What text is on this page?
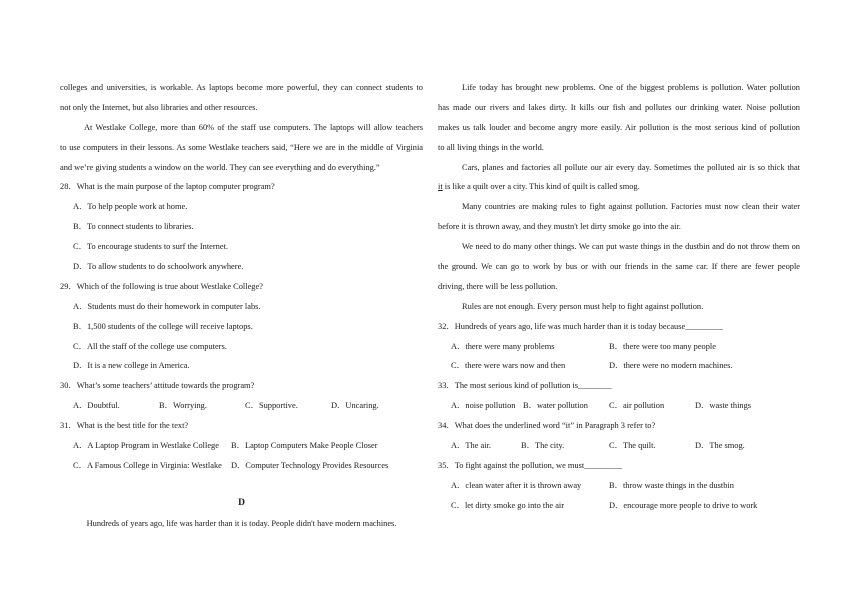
colleges and universities, is workable. As laptops become more powerful, they can connect students to
not only the Internet, but also libraries and other resources.
At Westlake College, more than 60% of the staff use computers. The laptops will allow teachers
to use computers in their lessons. As some Westlake teachers said, “Here we are in the middle of Virginia
and we’re giving students a window on the world. They can see everything and do everything.”
28．What is the main purpose of the laptop computer program?
A．To help people work at home.
B．To connect students to libraries.
C．To encourage students to surf the Internet.
D．To allow students to do schoolwork anywhere.
29．Which of the following is true about Westlake College?
A．Students must do their homework in computer labs.
B．1,500 students of the college will receive laptops.
C．All the staff of the college use computers.
D．It is a new college in America.
30．What’s some teachers’ attitude towards the program?
A．Doubtful.	B．Worrying.	C．Supportive.	D．Uncaring.
31．What is the best title for the text?
A．A Laptop Program in Westlake College	B．Laptop Computers Make People Closer
C．A Famous College in Virginia: Westlake	D．Computer Technology Provides Resources
D
Hundreds of years ago, life was harder than it is today. People didn't have modern machines.
Life today has brought new problems. One of the biggest problems is pollution. Water pollution
has made our rivers and lakes dirty. It kills our fish and pollutes our drinking water. Noise pollution
makes us talk louder and become angry more easily. Air pollution is the most serious kind of pollution
to all living things in the world.
Cars, planes and factories all pollute our air every day. Sometimes the polluted air is so thick that
it is like a quilt over a city. This kind of quilt is called smog.
Many countries are making rules to fight against pollution. Factories must now clean their water
before it is thrown away, and they mustn't let dirty smoke go into the air.
We need to do many other things. We can put waste things in the dustbin and do not throw them on
the ground. We can go to work by bus or with our friends in the same car. If there are fewer people
driving, there will be less pollution.
Rules are not enough. Every person must help to fight against pollution.
32．Hundreds of years ago, life was much harder than it is today because_________
A．there were many problems	B．there were too many people
C．there were wars now and then	D．there were no modern machines.
33．The most serious kind of pollution is________
A．noise pollution B．water pollution	C．air pollution	D．waste things
34．What does the underlined word “it” in Paragraph 3 refer to?
A．The air.	B．The city.	C．The quilt.	D．The smog.
35．To fight against the pollution, we must_________
A．clean water after it is thrown away	B．throw waste things in the dustbin
C．let dirty smoke go into the air	D．encourage more people to drive to work
